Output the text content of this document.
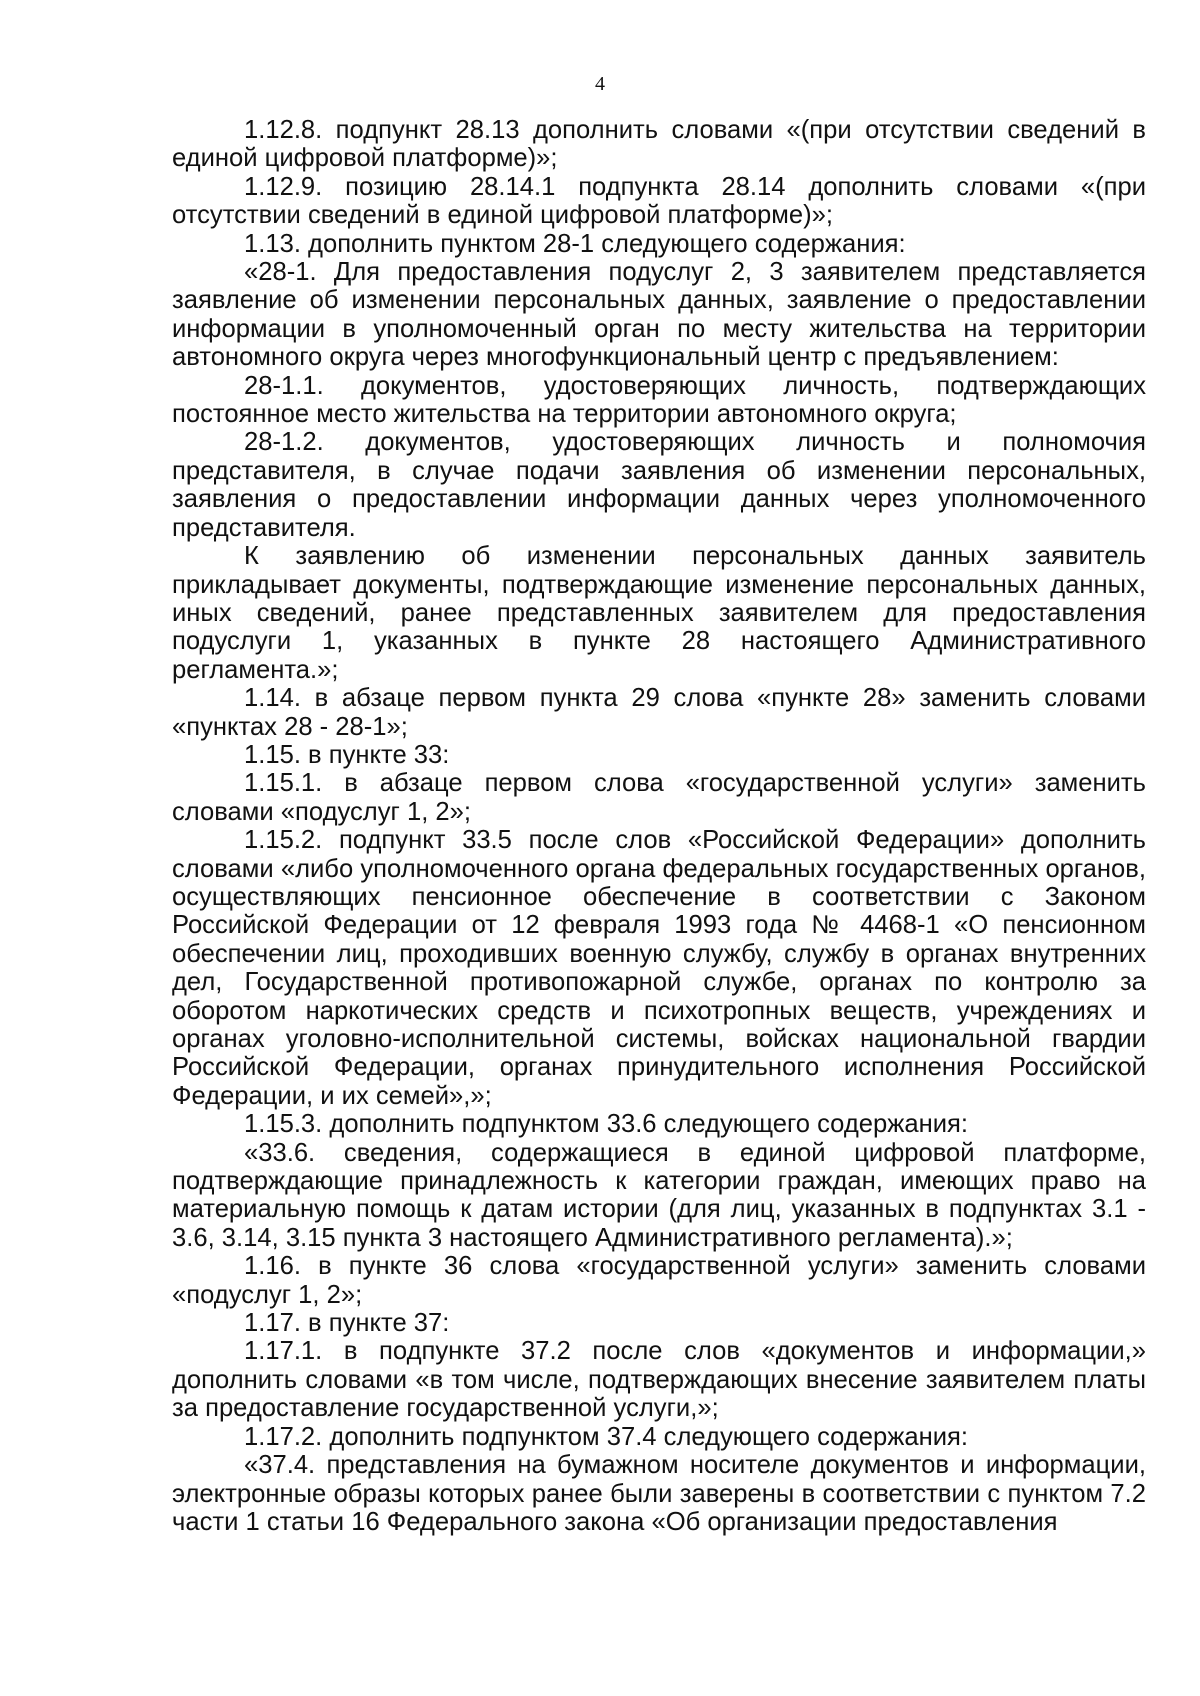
4

1.12.8. подпункт 28.13 дополнить словами «(при отсутствии сведений в единой цифровой платформе)»;

1.12.9. позицию 28.14.1 подпункта 28.14 дополнить словами «(при отсутствии сведений в единой цифровой платформе)»;

1.13. дополнить пунктом 28-1 следующего содержания:

«28-1. Для предоставления подуслуг 2, 3 заявителем представляется заявление об изменении персональных данных, заявление о предоставлении информации в уполномоченный орган по месту жительства на территории автономного округа через многофункциональный центр с предъявлением:

28-1.1. документов, удостоверяющих личность, подтверждающих постоянное место жительства на территории автономного округа;

28-1.2. документов, удостоверяющих личность и полномочия представителя, в случае подачи заявления об изменении персональных, заявления о предоставлении информации данных через уполномоченного представителя.

К заявлению об изменении персональных данных заявитель прикладывает документы, подтверждающие изменение персональных данных, иных сведений, ранее представленных заявителем для предоставления подуслуги 1, указанных в пункте 28 настоящего Административного регламента.»;

1.14. в абзаце первом пункта 29 слова «пункте 28» заменить словами «пунктах 28 - 28-1»;

1.15. в пункте 33:

1.15.1. в абзаце первом слова «государственной услуги» заменить словами «подуслуг 1, 2»;

1.15.2. подпункт 33.5 после слов «Российской Федерации» дополнить словами «либо уполномоченного органа федеральных государственных органов, осуществляющих пенсионное обеспечение в соответствии с Законом Российской Федерации от 12 февраля 1993 года № 4468-1 «О пенсионном обеспечении лиц, проходивших военную службу, службу в органах внутренних дел, Государственной противопожарной службе, органах по контролю за оборотом наркотических средств и психотропных веществ, учреждениях и органах уголовно-исполнительной системы, войсках национальной гвардии Российской Федерации, органах принудительного исполнения Российской Федерации, и их семей»,»;

1.15.3. дополнить подпунктом 33.6 следующего содержания:

«33.6. сведения, содержащиеся в единой цифровой платформе, подтверждающие принадлежность к категории граждан, имеющих право на материальную помощь к датам истории (для лиц, указанных в подпунктах 3.1 - 3.6, 3.14, 3.15 пункта 3 настоящего Административного регламента).»;

1.16. в пункте 36 слова «государственной услуги» заменить словами «подуслуг 1, 2»;

1.17. в пункте 37:

1.17.1. в подпункте 37.2 после слов «документов и информации,» дополнить словами «в том числе, подтверждающих внесение заявителем платы за предоставление государственной услуги,»;

1.17.2. дополнить подпунктом 37.4 следующего содержания:

«37.4. представления на бумажном носителе документов и информации, электронные образы которых ранее были заверены в соответствии с пунктом 7.2 части 1 статьи 16 Федерального закона «Об организации предоставления
